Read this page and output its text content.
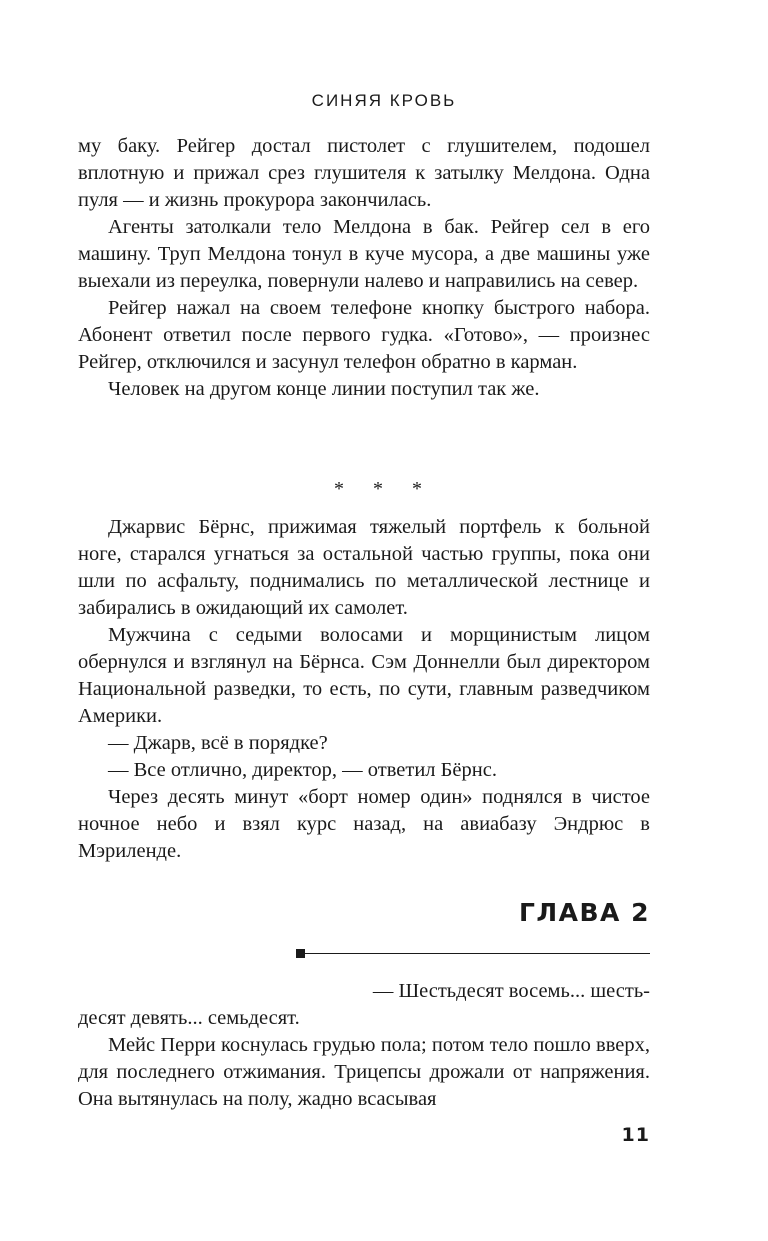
СИНЯЯ КРОВЬ

му баку. Рейгер достал пистолет с глушителем, подошел вплотную и прижал срез глушителя к затылку Мелдона. Одна пуля — и жизнь прокурора закончилась.

Агенты затолкали тело Мелдона в бак. Рейгер сел в его машину. Труп Мелдона тонул в куче мусора, а две машины уже выехали из переулка, повернули налево и направились на север.

Рейгер нажал на своем телефоне кнопку быстрого набора. Абонент ответил после первого гудка. «Готово», — произнес Рейгер, отключился и засунул телефон обратно в карман.

Человек на другом конце линии поступил так же.

* * *

Джарвис Бёрнс, прижимая тяжелый портфель к больной ноге, старался угнаться за остальной частью группы, пока они шли по асфальту, поднимались по металлической лестнице и забирались в ожидающий их самолет.

Мужчина с седыми волосами и морщинистым лицом обернулся и взглянул на Бёрнса. Сэм Доннелли был директором Национальной разведки, то есть, по сути, главным разведчиком Америки.

— Джарв, всё в порядке?

— Все отлично, директор, — ответил Бёрнс.

Через десять минут «борт номер один» поднялся в чистое ночное небо и взял курс назад, на авиабазу Эндрюс в Мэриленде.

ГЛАВА 2

— Шестьдесят восемь... шесть-

десят девять... семьдесят.

Мейс Перри коснулась грудью пола; потом тело пошло вверх, для последнего отжимания. Трицепсы дрожали от напряжения. Она вытянулась на полу, жадно всасывая

11
